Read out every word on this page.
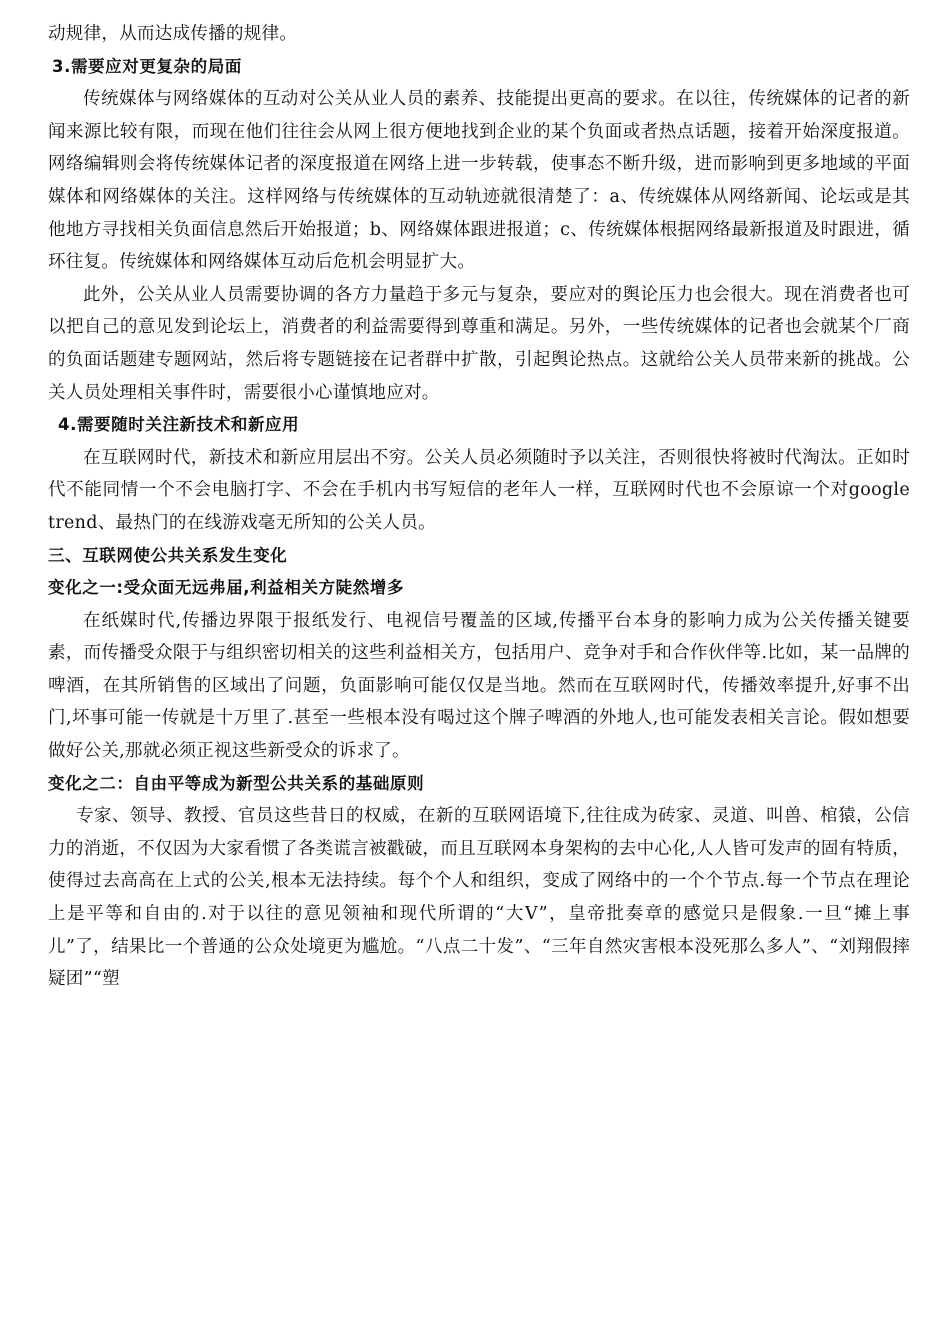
动规律，从而达成传播的规律。

3.需要应对更复杂的局面

传统媒体与网络媒体的互动对公关从业人员的素养、技能提出更高的要求。在以往，传统媒体的记者的新闻来源比较有限，而现在他们往往会从网上很方便地找到企业的某个负面或者热点话题，接着开始深度报道。网络编辑则会将传统媒体记者的深度报道在网络上进一步转载，使事态不断升级，进而影响到更多地域的平面媒体和网络媒体的关注。这样网络与传统媒体的互动轨迹就很清楚了：a、传统媒体从网络新闻、论坛或是其他地方寻找相关负面信息然后开始报道；b、网络媒体跟进报道；c、传统媒体根据网络最新报道及时跟进，循环往复。传统媒体和网络媒体互动后危机会明显扩大。

此外，公关从业人员需要协调的各方力量趋于多元与复杂，要应对的舆论压力也会很大。现在消费者也可以把自己的意见发到论坛上，消费者的利益需要得到尊重和满足。另外，一些传统媒体的记者也会就某个厂商的负面话题建专题网站，然后将专题链接在记者群中扩散，引起舆论热点。这就给公关人员带来新的挑战。公关人员处理相关事件时，需要很小心谨慎地应对。

4.需要随时关注新技术和新应用

在互联网时代，新技术和新应用层出不穷。公关人员必须随时予以关注，否则很快将被时代淘汰。正如时代不能同情一个不会电脑打字、不会在手机内书写短信的老年人一样，互联网时代也不会原谅一个对google trend、最热门的在线游戏毫无所知的公关人员。

三、互联网使公共关系发生变化
变化之一:受众面无远弗届,利益相关方陡然增多

在纸媒时代,传播边界限于报纸发行、电视信号覆盖的区域,传播平台本身的影响力成为公关传播关键要素，而传播受众限于与组织密切相关的这些利益相关方，包括用户、竞争对手和合作伙伴等.比如，某一品牌的啤酒，在其所销售的区域出了问题，负面影响可能仅仅是当地。然而在互联网时代，传播效率提升,好事不出门,坏事可能一传就是十万里了.甚至一些根本没有喝过这个牌子啤酒的外地人,也可能发表相关言论。假如想要做好公关,那就必须正视这些新受众的诉求了。

变化之二：自由平等成为新型公共关系的基础原则

专家、领导、教授、官员这些昔日的权威，在新的互联网语境下,往往成为砖家、灵道、叫兽、棺猿，公信力的消逝，不仅因为大家看惯了各类谎言被戳破，而且互联网本身架构的去中心化,人人皆可发声的固有特质，使得过去高高在上式的公关,根本无法持续。每个个人和组织，变成了网络中的一个个节点.每一个节点在理论上是平等和自由的.对于以往的意见领袖和现代所谓的“大V”，皇帝批奏章的感觉只是假象.一旦“摊上事儿”了，结果比一个普通的公众处境更为尴尬。“八点二十发”、“三年自然灾害根本没死那么多人”、“刘翔假摔疑团”“塑
